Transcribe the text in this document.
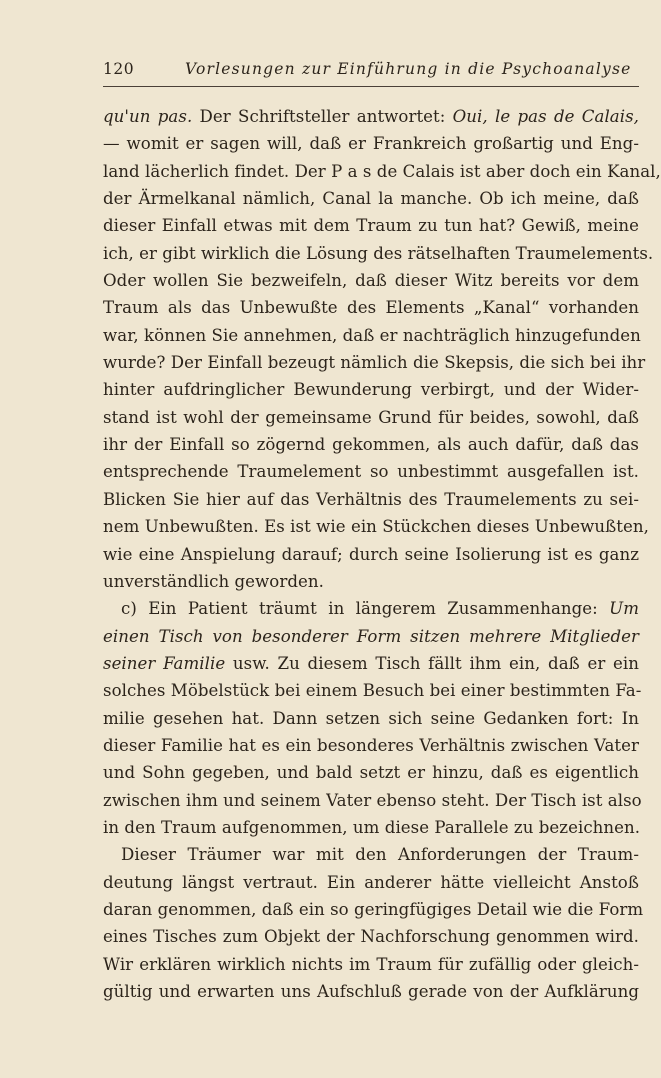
120	Vorlesungen zur Einführung in die Psychoanalyse
qu'un pas. Der Schriftsteller antwortet: Oui, le pas de Calais,
— womit er sagen will, daß er Frankreich großartig und Eng-
land lächerlich findet. Der P a s de Calais ist aber doch ein Kanal,
der Ärmelkanal nämlich, Canal la manche. Ob ich meine, daß
dieser Einfall etwas mit dem Traum zu tun hat? Gewiß, meine
ich, er gibt wirklich die Lösung des rätselhaften Traumelements.
Oder wollen Sie bezweifeln, daß dieser Witz bereits vor dem
Traum als das Unbewußte des Elements „Kanal“ vorhanden
war, können Sie annehmen, daß er nachträglich hinzugefunden
wurde? Der Einfall bezeugt nämlich die Skepsis, die sich bei ihr
hinter aufdringlicher Bewunderung verbirgt, und der Wider-
stand ist wohl der gemeinsame Grund für beides, sowohl, daß
ihr der Einfall so zögernd gekommen, als auch dafür, daß das
entsprechende Traumelement so unbestimmt ausgefallen ist.
Blicken Sie hier auf das Verhältnis des Traumelements zu sei-
nem Unbewußten. Es ist wie ein Stückchen dieses Unbewußten,
wie eine Anspielung darauf; durch seine Isolierung ist es ganz
unverständlich geworden.
c) Ein Patient träumt in längerem Zusammenhange: Um
einen Tisch von besonderer Form sitzen mehrere Mitglieder
seiner Familie usw. Zu diesem Tisch fällt ihm ein, daß er ein
solches Möbelstück bei einem Besuch bei einer bestimmten Fa-
milie gesehen hat. Dann setzen sich seine Gedanken fort: In
dieser Familie hat es ein besonderes Verhältnis zwischen Vater
und Sohn gegeben, und bald setzt er hinzu, daß es eigentlich
zwischen ihm und seinem Vater ebenso steht. Der Tisch ist also
in den Traum aufgenommen, um diese Parallele zu bezeichnen.
Dieser Träumer war mit den Anforderungen der Traum-
deutung längst vertraut. Ein anderer hätte vielleicht Anstoß
daran genommen, daß ein so geringfügiges Detail wie die Form
eines Tisches zum Objekt der Nachforschung genommen wird.
Wir erklären wirklich nichts im Traum für zufällig oder gleich-
gültig und erwarten uns Aufschluß gerade von der Aufklärung
